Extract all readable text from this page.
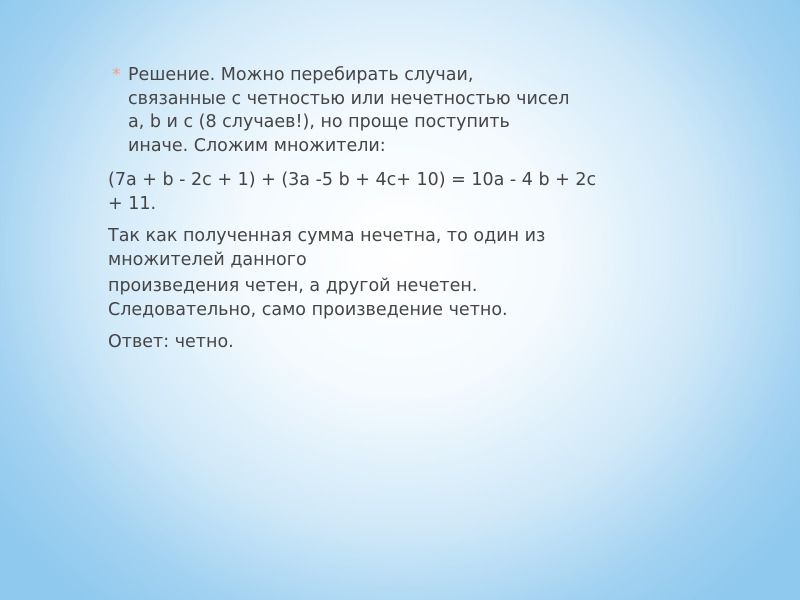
* Решение. Можно перебирать случаи,
связанные с четностью или нечетностью чисел
a, b и c (8 случаев!), но проще поступить
иначе. Сложим множители:
(7a + b - 2c + 1) + (3a -5 b + 4c+ 10) = 10a - 4 b + 2c
+ 11.
Так как полученная сумма нечетна, то один из
множителей данного
произведения четен, а другой нечетен.
Следовательно, само произведение четно.
Ответ: четно.
